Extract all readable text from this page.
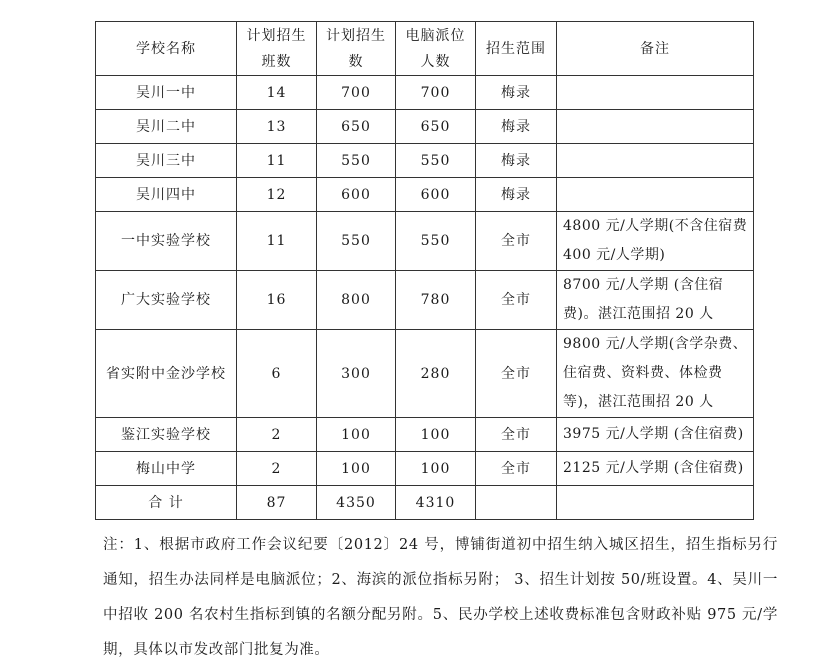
学校名称	计划招生班数	计划招生数	电脑派位人数	招生范围	备注
吴川一中	14	700	700	梅录	
吴川二中	13	650	650	梅录	
吴川三中	11	550	550	梅录	
吴川四中	12	600	600	梅录	
一中实验学校	11	550	550	全市	4800 元/人学期(不含住宿费 400 元/人学期)
广大实验学校	16	800	780	全市	8700 元/人学期 (含住宿费)。湛江范围招 20 人
省实附中金沙学校	6	300	280	全市	9800 元/人学期(含学杂费、住宿费、资料费、体检费等)，湛江范围招 20 人
鉴江实验学校	2	100	100	全市	3975 元/人学期 (含住宿费)
梅山中学	2	100	100	全市	2125 元/人学期 (含住宿费)
合 计	87	4350	4310		
注：1、根据市政府工作会议纪要〔2012〕24 号，博铺街道初中招生纳入城区招生，招生指标另行通知，招生办法同样是电脑派位；2、海滨的派位指标另附； 3、招生计划按 50/班设置。4、吴川一中招收 200 名农村生指标到镇的名额分配另附。5、民办学校上述收费标准包含财政补贴 975 元/学期，具体以市发改部门批复为准。
